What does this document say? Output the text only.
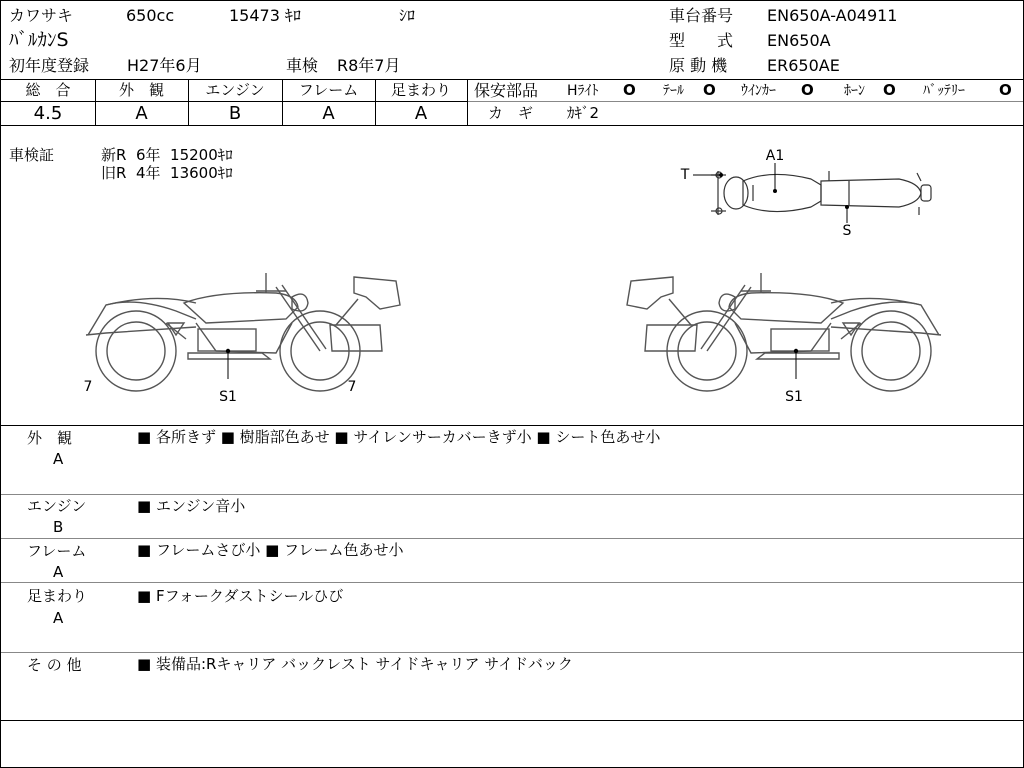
カワサキ	650cc	15473 ｷﾛ	ｼﾛ
ﾊﾞﾙｶﾝS
初年度登録 H27年6月	車検 R8年7月
車台番号 EN650A-A04911
型　　式 EN650A
原 動 機 ER650AE
総　合	外　観	エンジン	フレーム	足まわり
4.5	A	B	A	A
保安部品 Hﾗｲﾄ O ﾃｰﾙ O ｳｲﾝｶｰ O ﾎｰﾝ O ﾊﾞｯﾃﾘｰ O
カ　ギ ｶｷﾞ2
車検証	新R  6年  15200ｷﾛ
旧R  4年  13600ｷﾛ
A1
T
S
7
S1
7
S1
外　観
A
■ 各所きず ■ 樹脂部色あせ ■ サイレンサーカバーきず小 ■ シート色あせ小
エンジン
B
■ エンジン音小
フレーム
A
■ フレームさび小 ■ フレーム色あせ小
足まわり
A
■ Fフォークダストシールひび
そ の 他	■ 装備品:Rキャリア バックレスト サイドキャリア サイドバック
